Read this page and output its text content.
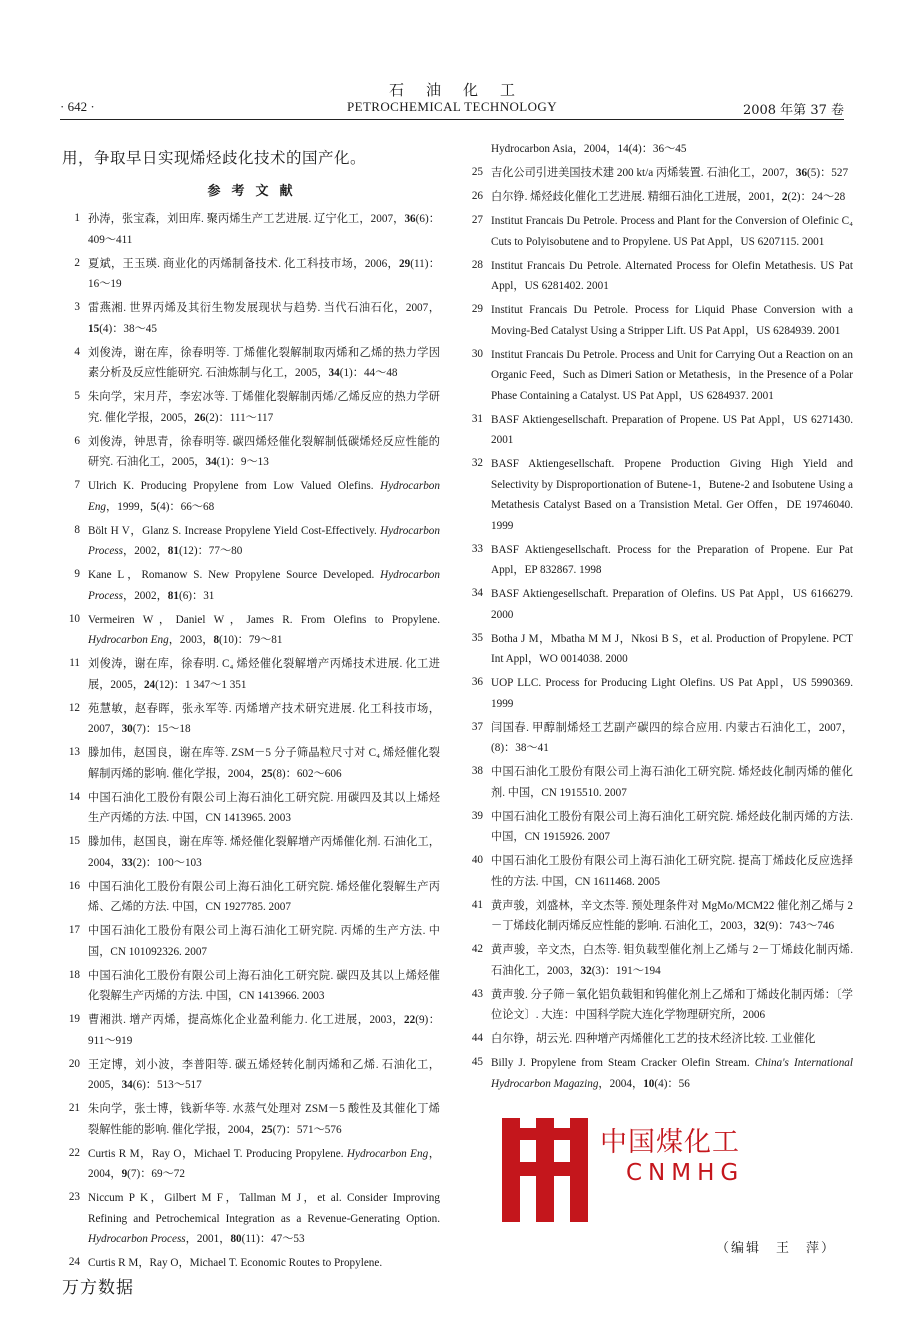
石油化工
· 642 ·	PETROCHEMICAL TECHNOLOGY	2008 年第 37 卷
用，争取早日实现烯烃歧化技术的国产化。
参考文献
1 孙涛，张宝森，刘田库. 聚丙烯生产工艺进展. 辽宁化工，2007，36(6)：409～411
2 夏斌，王玉瑛. 商业化的丙烯制备技术. 化工科技市场，2006，29(11)：16～19
3 雷燕湘. 世界丙烯及其衍生物发展现状与趋势. 当代石油石化，2007，15(4)：38～45
4 刘俊涛，谢在库，徐春明等. 丁烯催化裂解制取丙烯和乙烯的热力学因素分析及反应性能研究. 石油炼制与化工，2005，34(1)：44～48
5 朱向学，宋月芹，李宏冰等. 丁烯催化裂解制丙烯/乙烯反应的热力学研究. 催化学报，2005，26(2)：111～117
6 刘俊涛，钟思青，徐春明等. 碳四烯烃催化裂解制低碳烯烃反应性能的研究. 石油化工，2005，34(1)：9～13
7 Ulrich K. Producing Propylene from Low Valued Olefins. Hydrocarbon Eng，1999，5(4)：66～68
8 Bölt H V，Glanz S. Increase Propylene Yield Cost-Effectively. Hydrocarbon Process，2002，81(12)：77～80
9 Kane L，Romanow S. New Propylene Source Developed. Hydrocarbon Process，2002，81(6)：31
10 Vermeiren W，Daniel W，James R. From Olefins to Propylene. Hydrocarbon Eng，2003，8(10)：79～81
11 刘俊涛，谢在库，徐春明. C₄ 烯烃催化裂解增产丙烯技术进展. 化工进展，2005，24(12)：1 347～1 351
12 苑慧敏，赵春晖，张永军等. 丙烯增产技术研究进展. 化工科技市场，2007，30(7)：15～18
13 滕加伟，赵国良，谢在库等. ZSM－5 分子筛晶粒尺寸对 C₄ 烯烃催化裂解制丙烯的影响. 催化学报，2004，25(8)：602～606
14 中国石油化工股份有限公司上海石油化工研究院. 用碳四及其以上烯烃生产丙烯的方法. 中国，CN 1413965. 2003
15 滕加伟，赵国良，谢在库等. 烯烃催化裂解增产丙烯催化剂. 石油化工，2004，33(2)：100～103
16 中国石油化工股份有限公司上海石油化工研究院. 烯烃催化裂解生产丙烯、乙烯的方法. 中国，CN 1927785. 2007
17 中国石油化工股份有限公司上海石油化工研究院. 丙烯的生产方法. 中国，CN 101092326. 2007
18 中国石油化工股份有限公司上海石油化工研究院. 碳四及其以上烯烃催化裂解生产丙烯的方法. 中国，CN 1413966. 2003
19 曹湘洪. 增产丙烯，提高炼化企业盈利能力. 化工进展，2003，22(9)：911～919
20 王定博，刘小波，李普阳等. 碳五烯烃转化制丙烯和乙烯. 石油化工，2005，34(6)：513～517
21 朱向学，张士博，钱新华等. 水蒸气处理对 ZSM－5 酸性及其催化丁烯裂解性能的影响. 催化学报，2004，25(7)：571～576
22 Curtis R M，Ray O，Michael T. Producing Propylene. Hydrocarbon Eng，2004，9(7)：69～72
23 Niccum P K，Gilbert M F，Tallman M J，et al. Consider Improving Refining and Petrochemical Integration as a Revenue-Generating Option. Hydrocarbon Process，2001，80(11)：47～53
24 Curtis R M，Ray O，Michael T. Economic Routes to Propylene.
Hydrocarbon Asia，2004，14(4)：36～45
25 吉化公司引进美国技术建 200 kt/a 丙烯装置. 石油化工，2007，36(5)：527
26 白尔铮. 烯烃歧化催化工艺进展. 精细石油化工进展，2001，2(2)：24～28
27 Institut Francais Du Petrole. Process and Plant for the Conversion of Olefinic C₄ Cuts to Polyisobutene and to Propylene. US Pat Appl，US 6207115. 2001
28 Institut Francais Du Petrole. Alternated Process for Olefin Metathesis. US Pat Appl，US 6281402. 2001
29 Institut Francais Du Petrole. Process for Liquid Phase Conversion with a Moving-Bed Catalyst Using a Stripper Lift. US Pat Appl，US 6284939. 2001
30 Institut Francais Du Petrole. Process and Unit for Carrying Out a Reaction on an Organic Feed，Such as Dimeri Sation or Metathesis，in the Presence of a Polar Phase Containing a Catalyst. US Pat Appl，US 6284937. 2001
31 BASF Aktiengesellschaft. Preparation of Propene. US Pat Appl，US 6271430. 2001
32 BASF Aktiengesellschaft. Propene Production Giving High Yield and Selectivity by Disproportionation of Butene-1，Butene-2 and Isobutene Using a Metathesis Catalyst Based on a Transistion Metal. Ger Offen，DE 19746040. 1999
33 BASF Aktiengesellschaft. Process for the Preparation of Propene. Eur Pat Appl，EP 832867. 1998
34 BASF Aktiengesellschaft. Preparation of Olefins. US Pat Appl，US 6166279. 2000
35 Botha J M，Mbatha M M J，Nkosi B S，et al. Production of Propylene. PCT Int Appl，WO 0014038. 2000
36 UOP LLC. Process for Producing Light Olefins. US Pat Appl，US 5990369. 1999
37 闫国春. 甲醇制烯烃工艺副产碳四的综合应用. 内蒙古石油化工，2007，(8)：38～41
38 中国石油化工股份有限公司上海石油化工研究院. 烯烃歧化制丙烯的催化剂. 中国，CN 1915510. 2007
39 中国石油化工股份有限公司上海石油化工研究院. 烯烃歧化制丙烯的方法. 中国，CN 1915926. 2007
40 中国石油化工股份有限公司上海石油化工研究院. 提高丁烯歧化反应选择性的方法. 中国，CN 1611468. 2005
41 黄声骏，刘盛林，辛文杰等. 预处理条件对 MgMo/MCM22 催化剂乙烯与 2－丁烯歧化制丙烯反应性能的影响. 石油化工，2003，32(9)：743～746
42 黄声骏，辛文杰，白杰等. 钼负载型催化剂上乙烯与 2－丁烯歧化制丙烯. 石油化工，2003，32(3)：191～194
43 黄声骏. 分子筛－氧化铝负载钼和钨催化剂上乙烯和丁烯歧化制丙烯：〔学位论文〕. 大连：中国科学院大连化学物理研究所，2006
44 白尔铮，胡云光. 四种增产丙烯催化工艺的技术经济比较. 工业催化
45 Billy J. Propylene from Steam Cracker Olefin Stream. China's International Hydrocarbon Magazing，2004，10(4)：56
中国煤化工
CNMHG
（编辑　王　萍）
万方数据
